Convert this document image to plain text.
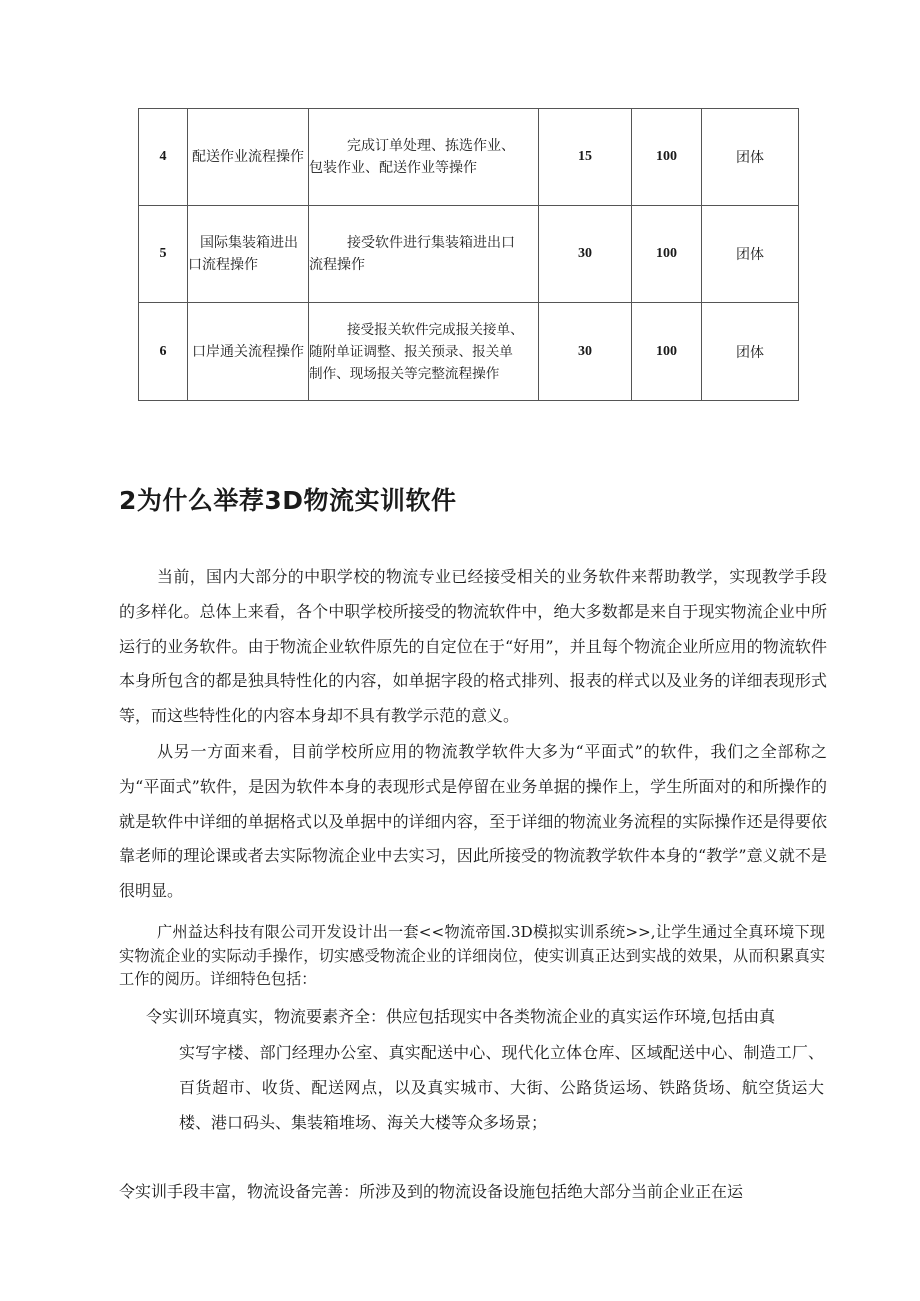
4	配送作业流程操作	完成订单处理、拣选作业、
包装作业、配送作业等操作	15	100	团体
5	国际集装箱进出
口流程操作	接受软件进行集装箱进出口
流程操作	30	100	团体
6	口岸通关流程操作	接受报关软件完成报关接单、
随附单证调整、报关预录、报关单
制作、现场报关等完整流程操作	30	100	团体
2为什么举荐3D物流实训软件

当前，国内大部分的中职学校的物流专业已经接受相关的业务软件来帮助教学，实现教学手段的多样化。总体上来看，各个中职学校所接受的物流软件中，绝大多数都是来自于现实物流企业中所运行的业务软件。由于物流企业软件原先的自定位在于“好用”，并且每个物流企业所应用的物流软件本身所包含的都是独具特性化的内容，如单据字段的格式排列、报表的样式以及业务的详细表现形式等，而这些特性化的内容本身却不具有教学示范的意义。

从另一方面来看，目前学校所应用的物流教学软件大多为“平面式”的软件，我们之全部称之为“平面式”软件，是因为软件本身的表现形式是停留在业务单据的操作上，学生所面对的和所操作的就是软件中详细的单据格式以及单据中的详细内容，至于详细的物流业务流程的实际操作还是得要依靠老师的理论课或者去实际物流企业中去实习，因此所接受的物流教学软件本身的“教学”意义就不是很明显。

广州益达科技有限公司开发设计出一套<<物流帝国.3D模拟实训系统>>,让学生通过全真环境下现实物流企业的实际动手操作，切实感受物流企业的详细岗位，使实训真正达到实战的效果，从而积累真实工作的阅历。详细特色包括：

令实训环境真实，物流要素齐全：供应包括现实中各类物流企业的真实运作环境,包括由真

实写字楼、部门经理办公室、真实配送中心、现代化立体仓库、区域配送中心、制造工厂、百货超市、收货、配送网点，以及真实城市、大街、公路货运场、铁路货场、航空货运大楼、港口码头、集装箱堆场、海关大楼等众多场景；

令实训手段丰富，物流设备完善：所涉及到的物流设备设施包括绝大部分当前企业正在运
